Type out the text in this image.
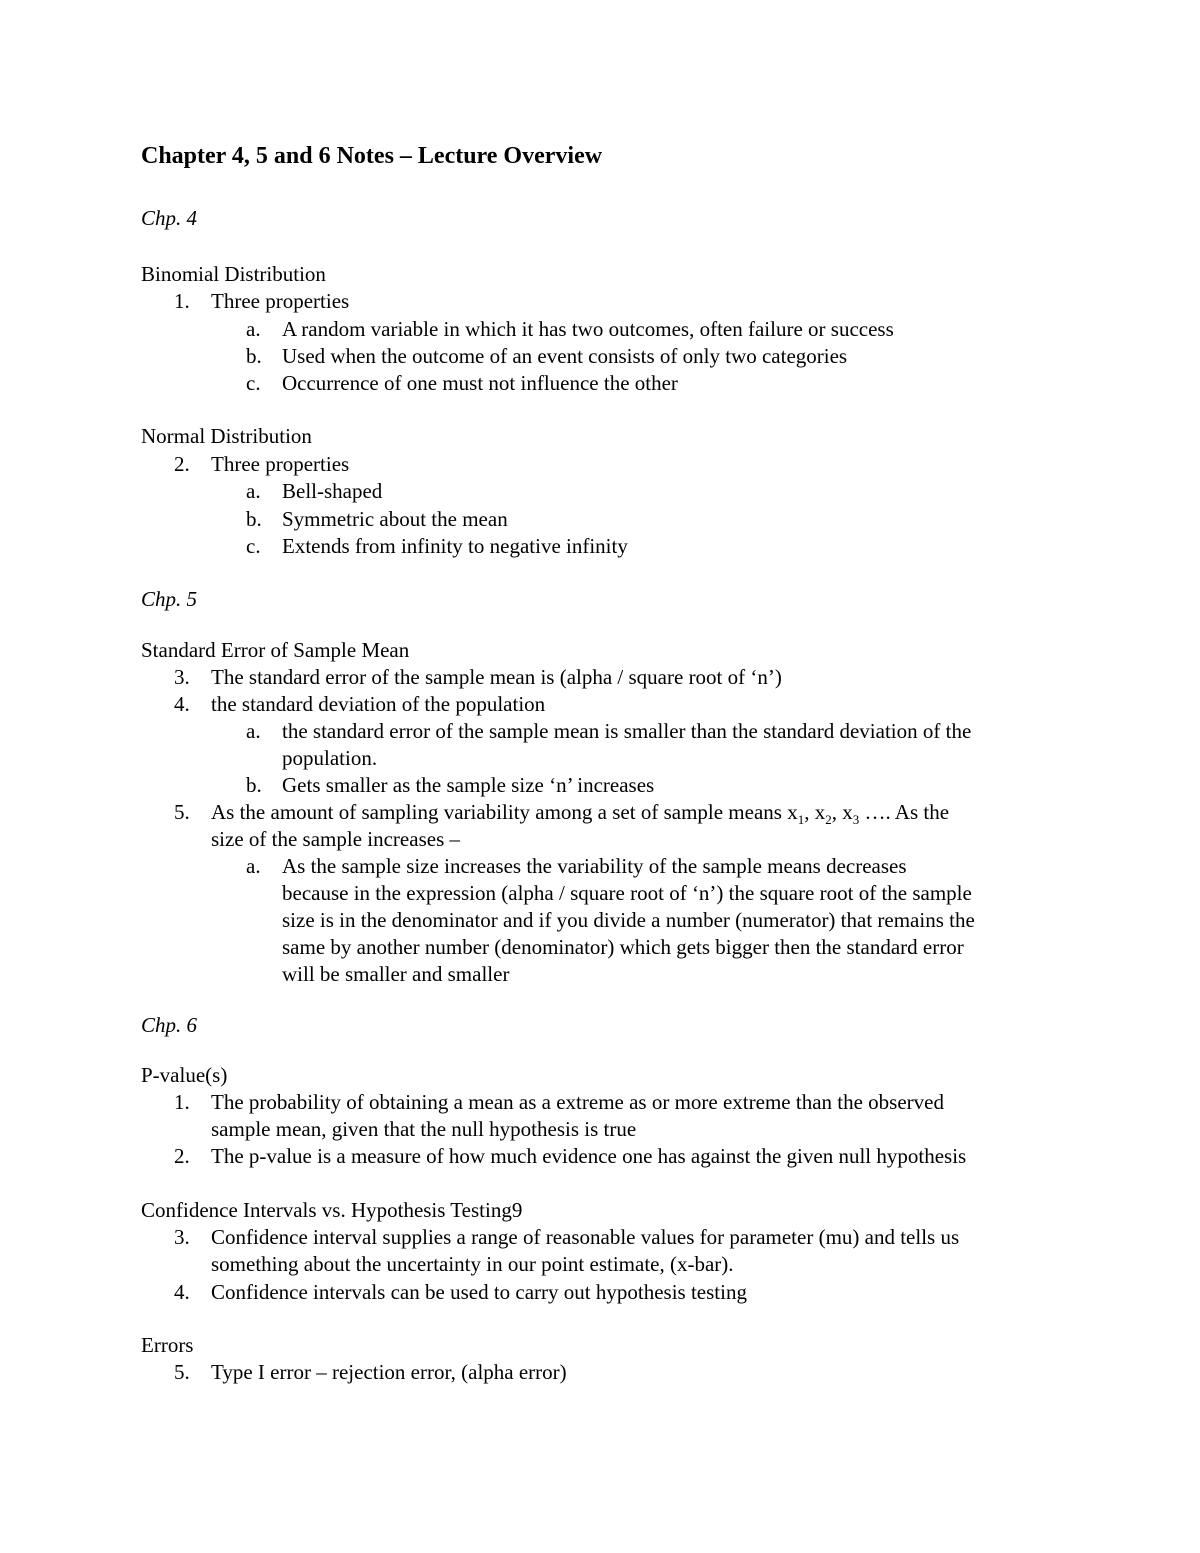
Chapter 4, 5 and 6 Notes – Lecture Overview
Chp. 4
Binomial Distribution
1.	Three properties
a.	A random variable in which it has two outcomes, often failure or success
b. Used when the outcome of an event consists of only two categories
c.	Occurrence of one must not influence the other
Normal Distribution
2.	Three properties
a.	Bell-shaped
b. Symmetric about the mean
c.	Extends from infinity to negative infinity
Chp. 5
Standard Error of Sample Mean
3.	The standard error of the sample mean is (alpha / square root of ‘n’)
4.	the standard deviation of the population
a.	the standard error of the sample mean is smaller than the standard deviation of the
population.
b. Gets smaller as the sample size ‘n’ increases
5.	As the amount of sampling variability among a set of sample means $x_1$, $x_2$, $x_3$ …. As the
size of the sample increases –
a.	As the sample size increases the variability of the sample means decreases
because in the expression (alpha / square root of ‘n’) the square root of the sample
size is in the denominator and if you divide a number (numerator) that remains the
same by another number (denominator) which gets bigger then the standard error
will be smaller and smaller
Chp. 6
P-value(s)
1.	The probability of obtaining a mean as a extreme as or more extreme than the observed
sample mean, given that the null hypothesis is true
2.	The p-value is a measure of how much evidence one has against the given null hypothesis
Confidence Intervals vs. Hypothesis Testing9
3.	Confidence interval supplies a range of reasonable values for parameter (mu) and tells us
something about the uncertainty in our point estimate, (x-bar).
4.	Confidence intervals can be used to carry out hypothesis testing
Errors
5.	Type I error – rejection error, (alpha error)
